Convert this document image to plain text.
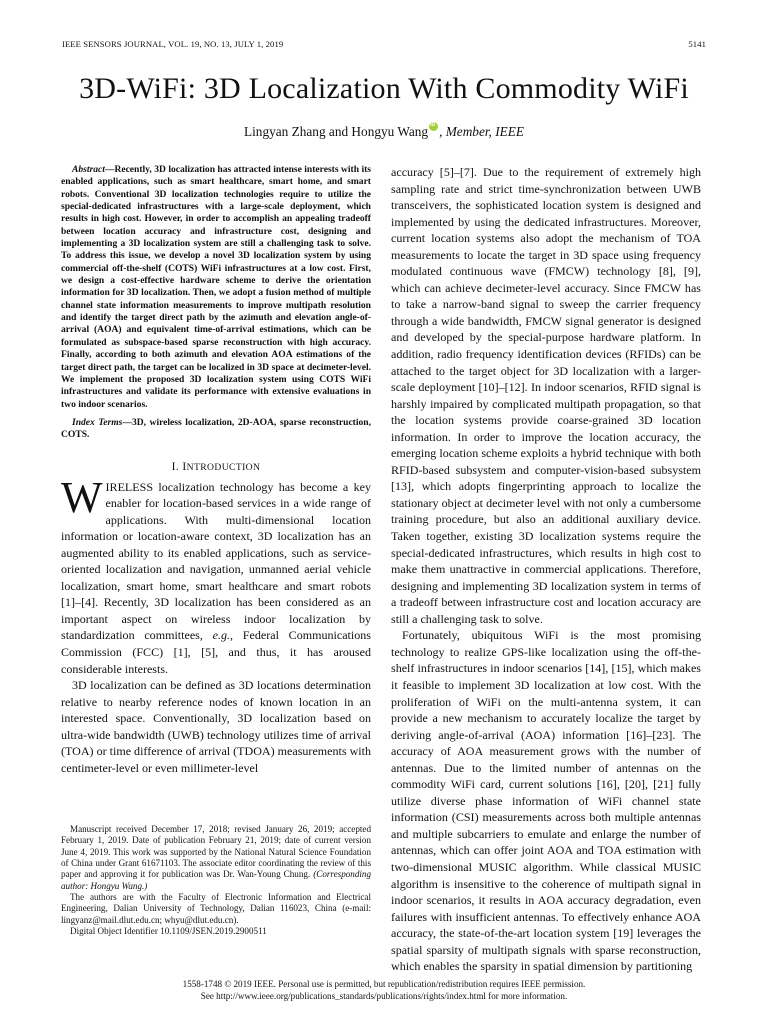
IEEE SENSORS JOURNAL, VOL. 19, NO. 13, JULY 1, 2019	5141
3D-WiFi: 3D Localization With Commodity WiFi
Lingyan Zhang and Hongyu WangiD , Member, IEEE

Abstract—Recently, 3D localization has attracted intense interests with its enabled applications, such as smart healthcare, smart home, and smart robots. Conventional 3D localization technologies require to utilize the special-dedicated infrastructures with a large-scale deployment, which results in high cost. However, in order to accomplish an appealing tradeoff between location accuracy and infrastructure cost, designing and implementing a 3D localization system are still a challenging task to solve. To address this issue, we develop a novel 3D localization system by using commercial off-the-shelf (COTS) WiFi infrastructures at a low cost. First, we design a cost-effective hardware scheme to derive the orientation information for 3D localization. Then, we adopt a fusion method of multiple channel state information measurements to improve multipath resolution and identify the target direct path by the azimuth and elevation angle-of-arrival (AOA) and equivalent time-of-arrival estimations, which can be formulated as subspace-based sparse reconstruction with high accuracy. Finally, according to both azimuth and elevation AOA estimations of the target direct path, the target can be localized in 3D space at decimeter-level. We implement the proposed 3D localization system using COTS WiFi infrastructures and validate its performance with extensive evaluations in two indoor scenarios.

Index Terms—3D, wireless localization, 2D-AOA, sparse reconstruction, COTS.

I. INTRODUCTION

WIRELESS localization technology has become a key enabler for location-based services in a wide range of applications. With multi-dimensional location information or location-aware context, 3D localization has an augmented ability to its enabled applications, such as service-oriented localization and navigation, unmanned aerial vehicle localization, smart home, smart healthcare and smart robots [1]–[4]. Recently, 3D localization has been considered as an important aspect on wireless indoor localization by standardization committees, e.g., Federal Communications Commission (FCC) [1], [5], and thus, it has aroused considerable interests.

3D localization can be defined as 3D locations determination relative to nearby reference nodes of known location in an interested space. Conventionally, 3D localization based on ultra-wide bandwidth (UWB) technology utilizes time of arrival (TOA) or time difference of arrival (TDOA) measurements with centimeter-level or even millimeter-level

Manuscript received December 17, 2018; revised January 26, 2019; accepted February 1, 2019. Date of publication February 21, 2019; date of current version June 4, 2019. This work was supported by the National Natural Science Foundation of China under Grant 61671103. The associate editor coordinating the review of this paper and approving it for publication was Dr. Wan-Young Chung. (Corresponding author: Hongyu Wang.)

The authors are with the Faculty of Electronic Information and Electrical Engineering, Dalian University of Technology, Dalian 116023, China (e-mail: lingyanz@mail.dlut.edu.cn; whyu@dlut.edu.cn).

Digital Object Identifier 10.1109/JSEN.2019.2900511

accuracy [5]–[7]. Due to the requirement of extremely high sampling rate and strict time-synchronization between UWB transceivers, the sophisticated location system is designed and implemented by using the dedicated infrastructures. Moreover, current location systems also adopt the mechanism of TOA measurements to locate the target in 3D space using frequency modulated continuous wave (FMCW) technology [8], [9], which can achieve decimeter-level accuracy. Since FMCW has to take a narrow-band signal to sweep the carrier frequency through a wide bandwidth, FMCW signal generator is designed and developed by the special-purpose hardware platform. In addition, radio frequency identification devices (RFIDs) can be attached to the target object for 3D localization with a larger-scale deployment [10]–[12]. In indoor scenarios, RFID signal is harshly impaired by complicated multipath propagation, so that the location systems provide coarse-grained 3D location information. In order to improve the location accuracy, the emerging location scheme exploits a hybrid technique with both RFID-based subsystem and computer-vision-based subsystem [13], which adopts fingerprinting approach to localize the stationary object at decimeter level with not only a cumbersome training procedure, but also an additional auxiliary device. Taken together, existing 3D localization systems require the special-dedicated infrastructures, which results in high cost to make them unattractive in commercial applications. Therefore, designing and implementing 3D localization system in terms of a tradeoff between infrastructure cost and location accuracy are still a challenging task to solve.

Fortunately, ubiquitous WiFi is the most promising technology to realize GPS-like localization using the off-the-shelf infrastructures in indoor scenarios [14], [15], which makes it feasible to implement 3D localization at low cost. With the proliferation of WiFi on the multi-antenna system, it can provide a new mechanism to accurately localize the target by deriving angle-of-arrival (AOA) information [16]–[23]. The accuracy of AOA measurement grows with the number of antennas. Due to the limited number of antennas on the commodity WiFi card, current solutions [16], [20], [21] fully utilize diverse phase information of WiFi channel state information (CSI) measurements across both multiple antennas and multiple subcarriers to emulate and enlarge the number of antennas, which can offer joint AOA and TOA estimation with two-dimensional MUSIC algorithm. While classical MUSIC algorithm is insensitive to the coherence of multipath signal in indoor scenarios, it results in AOA accuracy degradation, even failures with insufficient antennas. To effectively enhance AOA accuracy, the state-of-the-art location system [19] leverages the spatial sparsity of multipath signals with sparse reconstruction, which enables the sparsity in spatial dimension by partitioning

1558-1748 © 2019 IEEE. Personal use is permitted, but republication/redistribution requires IEEE permission.
See http://www.ieee.org/publications_standards/publications/rights/index.html for more information.
